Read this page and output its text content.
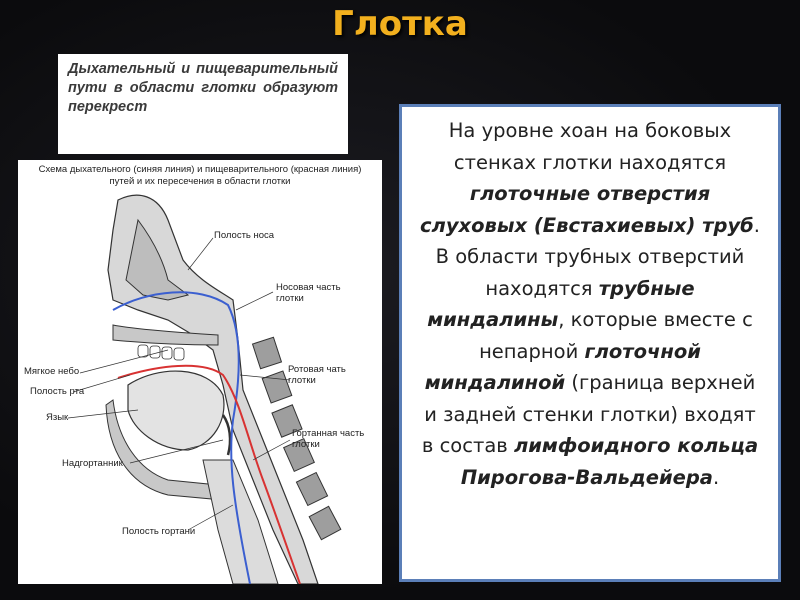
Глотка
Дыхательный и пищеварительный пути в области глотки образуют перекрест
Схема дыхательного (синяя линия) и пищеварительного (красная линия) путей и их пересечения в области глотки
Полость носа
Носовая часть глотки
Мягкое небо
Полость рта
Ротовая чать глотки
Язык
Гортанная часть глотки
Надгортанник
Полость гортани
На уровне хоан на боковых стенках глотки находятся глоточные отверстия слуховых (Евстахиевых) труб. В области трубных отверстий находятся трубные миндалины, которые вместе с непарной глоточной миндалиной (граница верхней и задней стенки глотки) входят в состав лимфоидного кольца Пирогова-Вальдейера.
